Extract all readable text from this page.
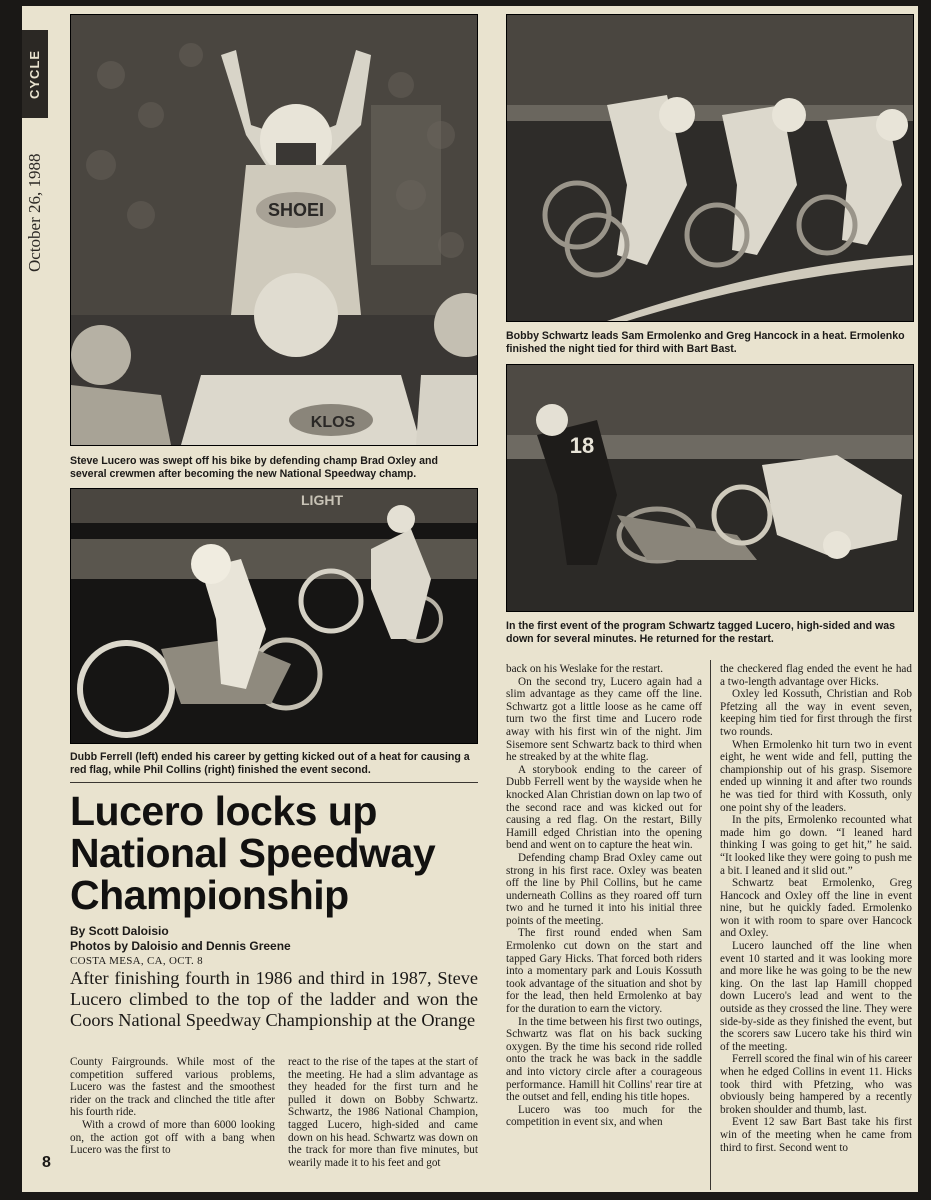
CYCLE NEWS
October 26, 1988	SHOEI
KLOS
Steve Lucero was swept off his bike by defending champ Brad Oxley and several crewmen after becoming the new National Speedway champ.
LIGHT
Dubb Ferrell (left) ended his career by getting kicked out of a heat for causing a red flag, while Phil Collins (right) finished the event second.
Bobby Schwartz leads Sam Ermolenko and Greg Hancock in a heat. Ermolenko finished the night tied for third with Bart Bast.
18
In the first event of the program Schwartz tagged Lucero, high-sided and was down for several minutes. He returned for the restart.
Lucero locks up National Speedway Championship
By Scott Daloisio
Photos by Daloisio and Dennis Greene
COSTA MESA, CA, OCT. 8
After finishing fourth in 1986 and third in 1987, Steve Lucero climbed to the top of the ladder and won the Coors National Speedway Championship at the Orange

County Fairgrounds. While most of the competition suffered various problems, Lucero was the fastest and the smoothest rider on the track and clinched the title after his fourth ride.

With a crowd of more than 6000 looking on, the action got off with a bang when Lucero was the first to

react to the rise of the tapes at the start of the meeting. He had a slim advantage as they headed for the first turn and he pulled it down on Bobby Schwartz. Schwartz, the 1986 National Champion, tagged Lucero, high-sided and came down on his head. Schwartz was down on the track for more than five minutes, but wearily made it to his feet and got

back on his Weslake for the restart.

On the second try, Lucero again had a slim advantage as they came off the line. Schwartz got a little loose as he came off turn two the first time and Lucero rode away with his first win of the night. Jim Sisemore sent Schwartz back to third when he streaked by at the white flag.

A storybook ending to the career of Dubb Ferrell went by the wayside when he knocked Alan Christian down on lap two of the second race and was kicked out for causing a red flag. On the restart, Billy Hamill edged Christian into the opening bend and went on to capture the heat win.

Defending champ Brad Oxley came out strong in his first race. Oxley was beaten off the line by Phil Collins, but he came underneath Collins as they roared off turn two and he turned it into his initial three points of the meeting.

The first round ended when Sam Ermolenko cut down on the start and tapped Gary Hicks. That forced both riders into a momentary park and Louis Kossuth took advantage of the situation and shot by for the lead, then held Ermolenko at bay for the duration to earn the victory.

In the time between his first two outings, Schwartz was flat on his back sucking oxygen. By the time his second ride rolled onto the track he was back in the saddle and into victory circle after a courageous performance. Hamill hit Collins' rear tire at the outset and fell, ending his title hopes.

Lucero was too much for the competition in event six, and when

the checkered flag ended the event he had a two-length advantage over Hicks.

Oxley led Kossuth, Christian and Rob Pfetzing all the way in event seven, keeping him tied for first through the first two rounds.

When Ermolenko hit turn two in event eight, he went wide and fell, putting the championship out of his grasp. Sisemore ended up winning it and after two rounds he was tied for third with Kossuth, only one point shy of the leaders.

In the pits, Ermolenko recounted what made him go down. “I leaned hard thinking I was going to get hit,” he said. “It looked like they were going to push me a bit. I leaned and it slid out.”

Schwartz beat Ermolenko, Greg Hancock and Oxley off the line in event nine, but he quickly faded. Ermolenko won it with room to spare over Hancock and Oxley.

Lucero launched off the line when event 10 started and it was looking more and more like he was going to be the new king. On the last lap Hamill chopped down Lucero's lead and went to the outside as they crossed the line. They were side-by-side as they finished the event, but the scorers saw Lucero take his third win of the meeting.

Ferrell scored the final win of his career when he edged Collins in event 11. Hicks took third with Pfetzing, who was obviously being hampered by a recently broken shoulder and thumb, last.

Event 12 saw Bart Bast take his first win of the meeting when he came from third to first. Second went to

8
